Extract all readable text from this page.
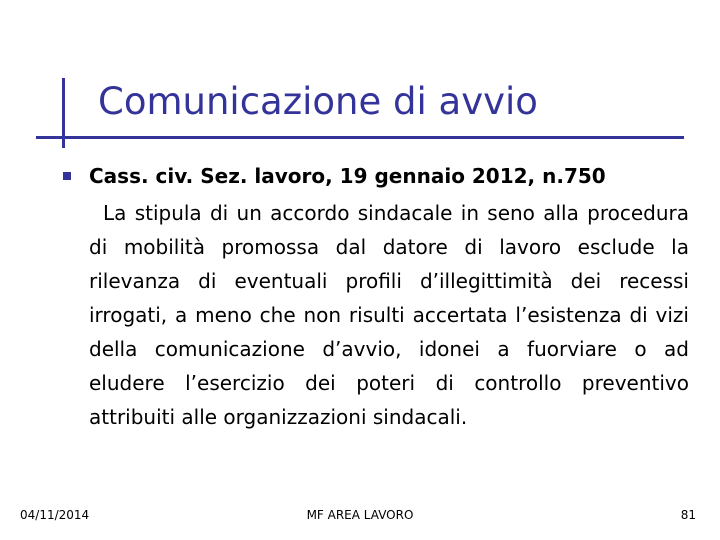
Comunicazione di avvio
Cass. civ. Sez. lavoro, 19 gennaio 2012, n.750
La stipula di un accordo sindacale in seno alla procedura di mobilità promossa dal datore di lavoro esclude la rilevanza di eventuali profili d’illegittimità dei recessi irrogati, a meno che non risulti accertata l’esistenza di vizi della comunicazione d’avvio, idonei a fuorviare o ad eludere l’esercizio dei poteri di controllo preventivo attribuiti alle organizzazioni sindacali.
04/11/2014	MF AREA LAVORO	81
